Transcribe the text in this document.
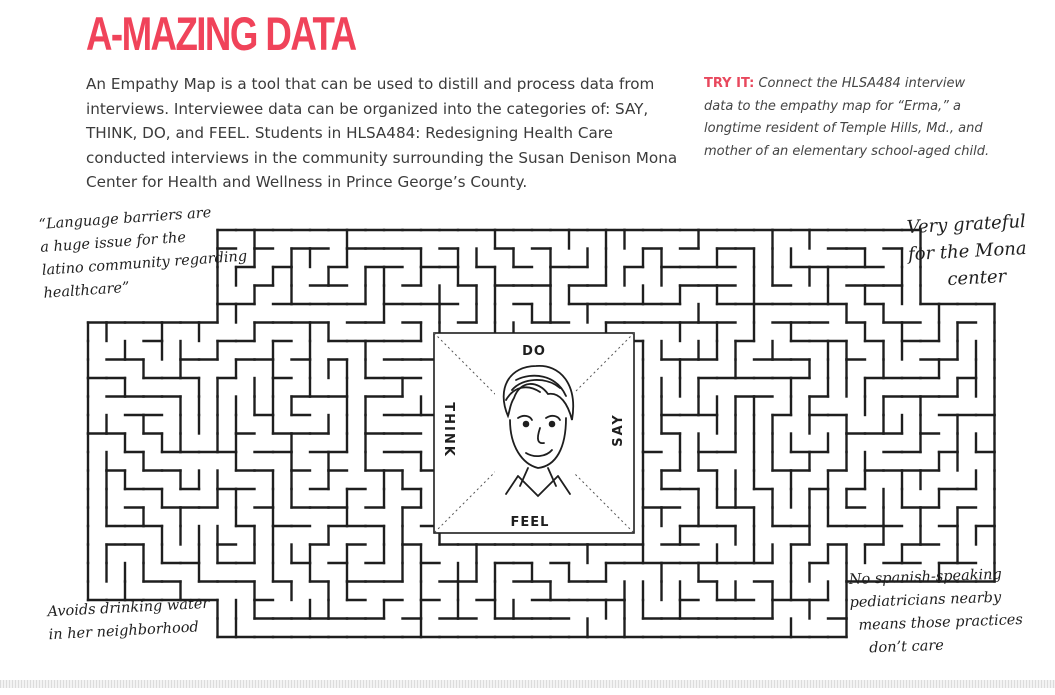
A-MAZING DATA
An Empathy Map is a tool that can be used to distill and process data from interviews. Interviewee data can be organized into the categories of: SAY, THINK, DO, and FEEL. Students in HLSA484: Redesigning Health Care conducted interviews in the community surrounding the Susan Denison Mona Center for Health and Wellness in Prince George’s County.
TRY IT: Connect the HLSA484 interview data to the empathy map for “Erma,” a longtime resident of Temple Hills, Md., and mother of an elementary school-aged child.
DO
FEEL
THINK	SAY
“Language barriers are
a huge issue for the
latino community regarding
healthcare”
Very grateful
for the Mona
center
Avoids drinking water
in her neighborhood
No spanish-speaking
pediatricians nearby
means those practices
don’t care
